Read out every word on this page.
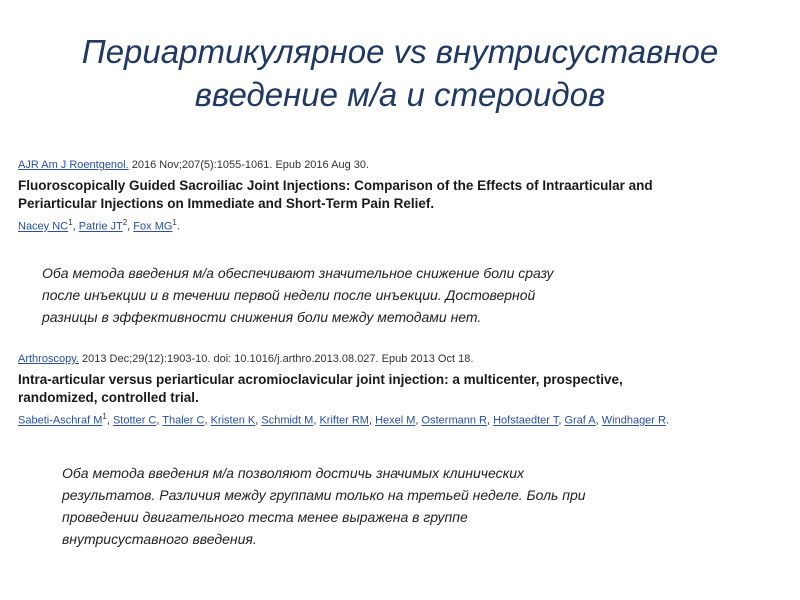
Периартикулярное vs внутрисуставное
введение м/а и стероидов
AJR Am J Roentgenol. 2016 Nov;207(5):1055-1061. Epub 2016 Aug 30.
Fluoroscopically Guided Sacroiliac Joint Injections: Comparison of the Effects of Intraarticular and
Periarticular Injections on Immediate and Short-Term Pain Relief.
Nacey $NC^1$, Patrie $JT^2$, Fox $MG^1$.
Оба метода введения м/а обеспечивают значительное снижение боли сразу
после инъекции и в течении первой недели после инъекции. Достоверной
разницы в эффективности снижения боли между методами нет.
Arthroscopy. 2013 Dec;29(12):1903-10. doi: 10.1016/j.arthro.2013.08.027. Epub 2013 Oct 18.
Intra-articular versus periarticular acromioclavicular joint injection: a multicenter, prospective,
randomized, controlled trial.
Sabeti-Aschraf $M^1$, Stotter C, Thaler C, Kristen K, Schmidt M, Krifter RM, Hexel M, Ostermann R, Hofstaedter T, Graf A, Windhager R.
Оба метода введения м/а позволяют достичь значимых клинических
результатов. Различия между группами только на третьей неделе. Боль при
проведении двигательного теста менее выражена в группе
внутрисуставного введения.
